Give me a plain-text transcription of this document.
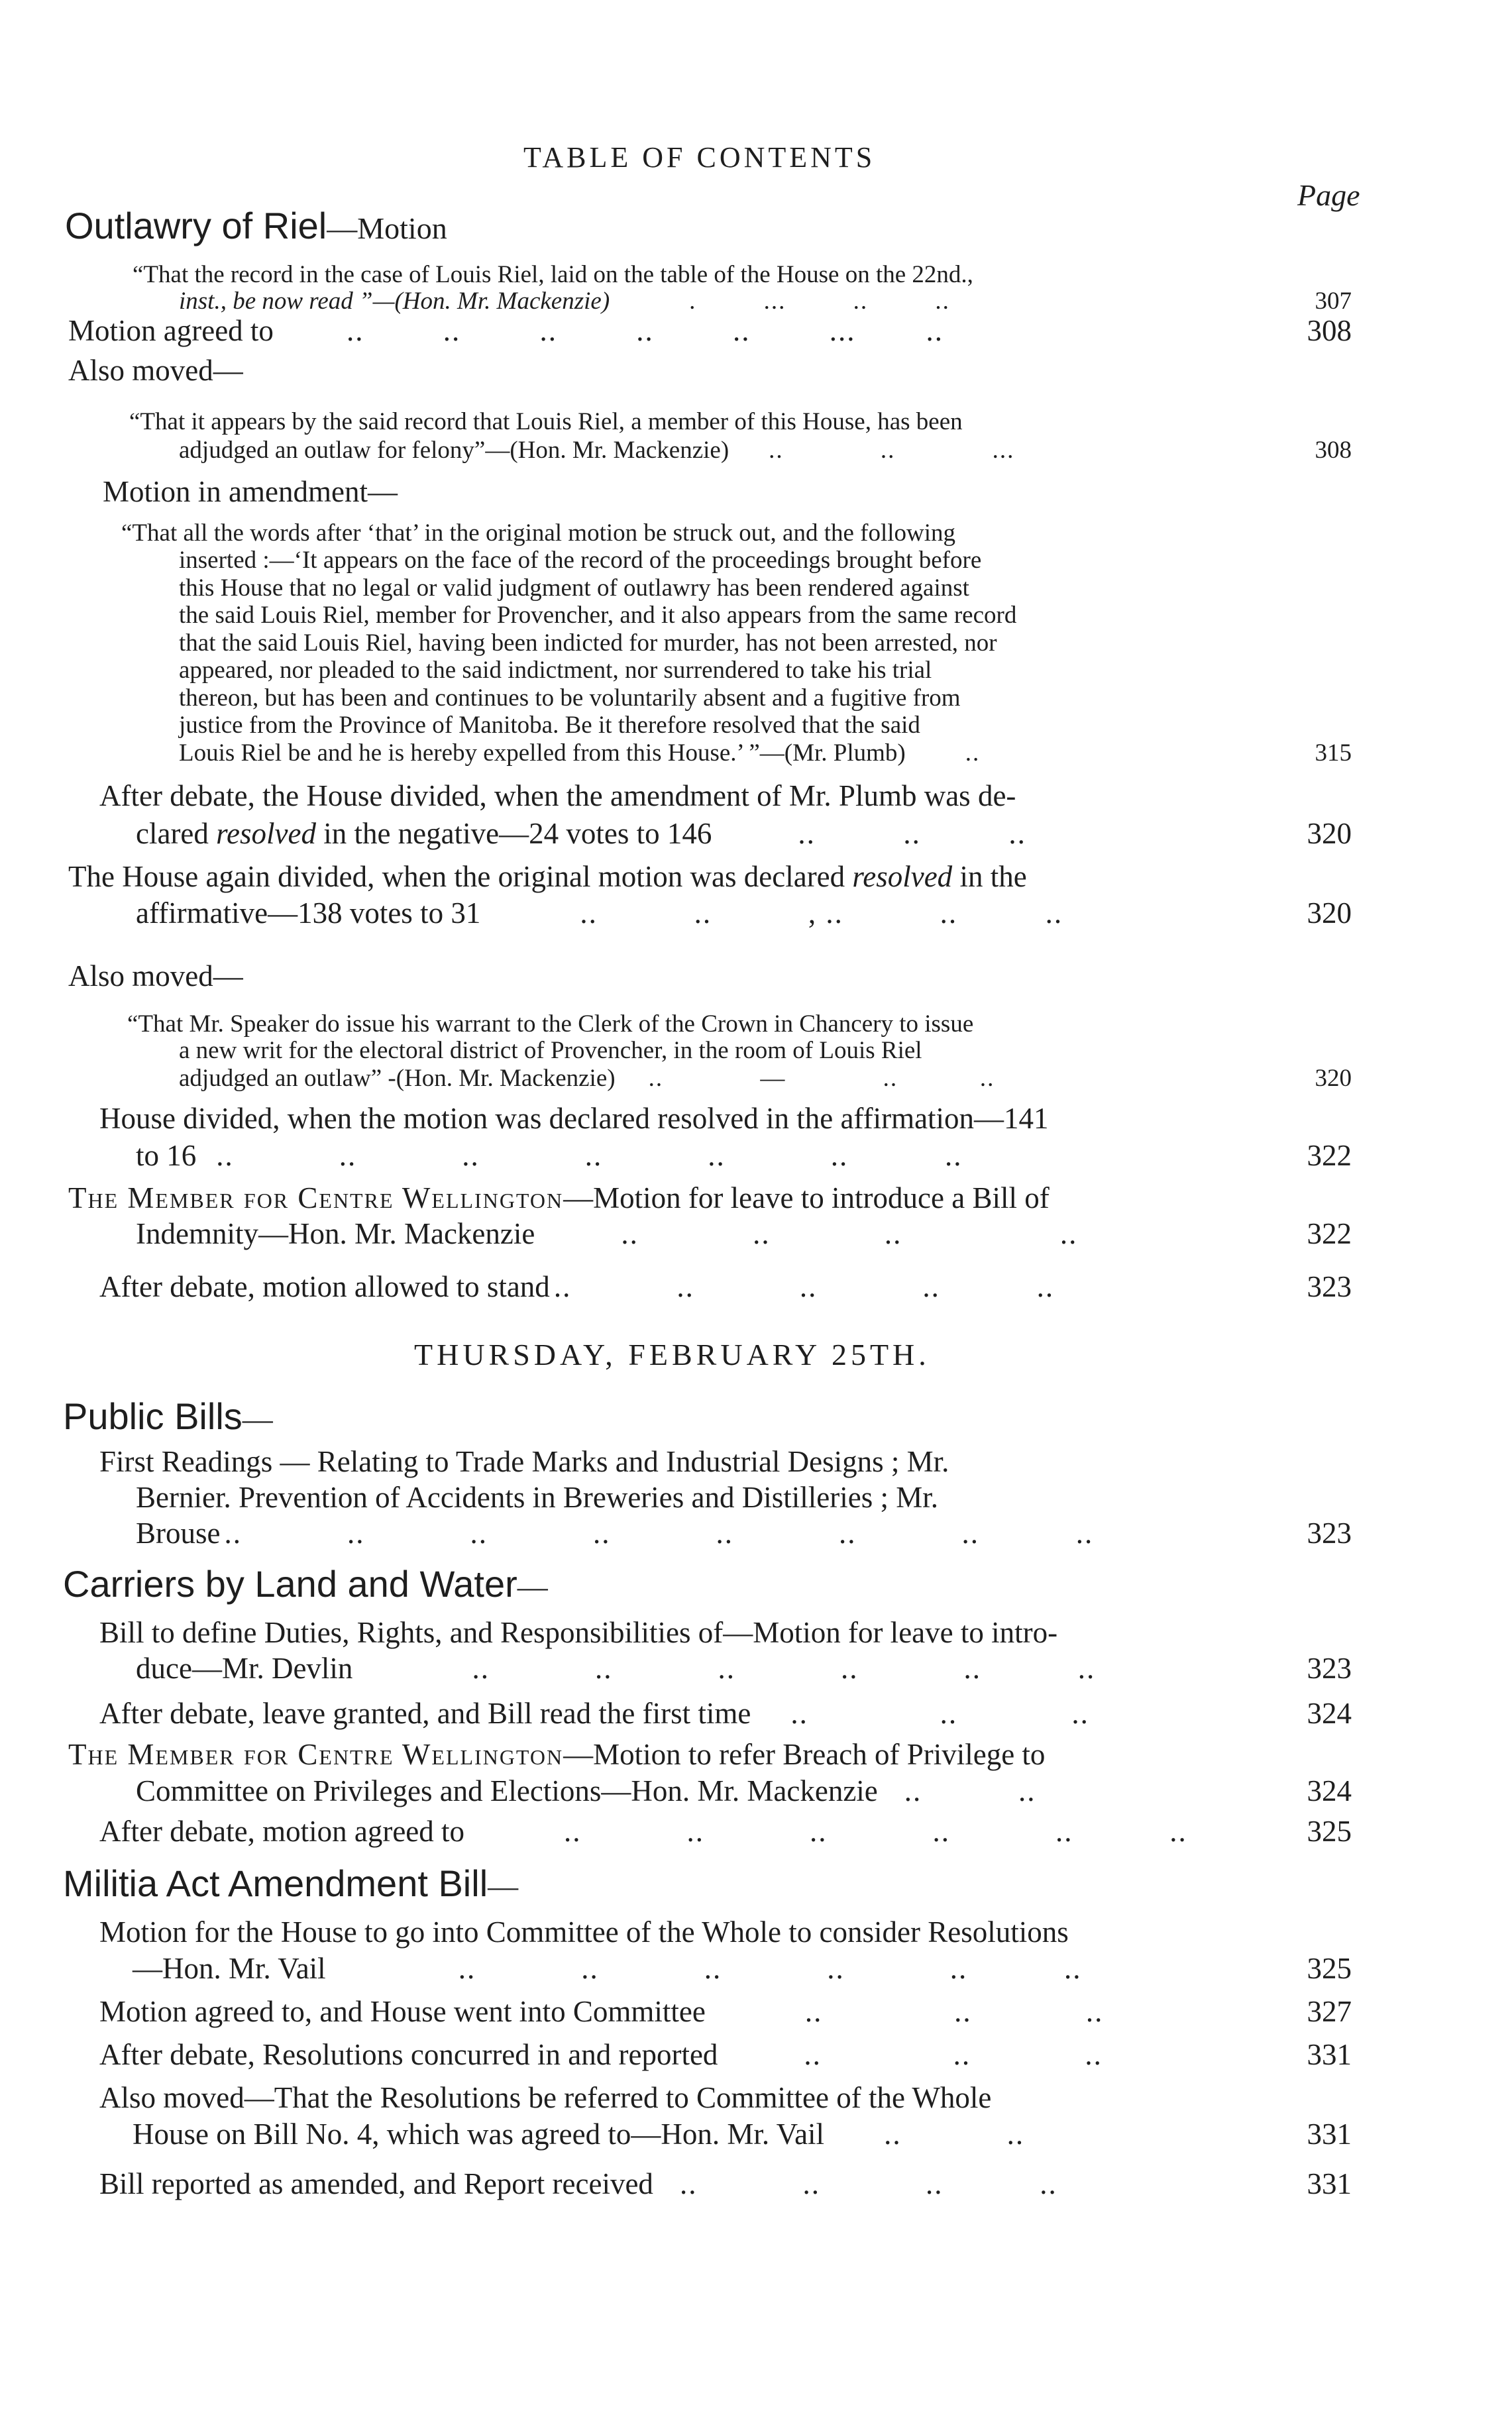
TABLE OF CONTENTS
Page
Outlawry of Riel—Motion
“That the record in the case of Louis Riel, laid on the table of the House on the 22nd.,
inst., be now read ”—(Hon. Mr. Mackenzie)	.         ...         ..         ..	307
Motion agreed to ..         ..         ..         ..         ..         ...        ..	308
Also moved—
“That it appears by the said record that Louis Riel, a member of this House, has been
adjudged an outlaw for felony”—(Hon. Mr. Mackenzie) ..             ..             ...	308
Motion in amendment—
“That all the words after ‘that’ in the original motion be struck out, and the following
inserted :—‘It appears on the face of the record of the proceedings brought before
this House that no legal or valid judgment of outlawry has been rendered against
the said Louis Riel, member for Provencher, and it also appears from the same record
that the said Louis Riel, having been indicted for murder, has not been arrested, nor
appeared, nor pleaded to the said indictment, nor surrendered to take his trial
thereon, but has been and continues to be voluntarily absent and a fugitive from
justice from the Province of Manitoba. Be it therefore resolved that the said
Louis Riel be and he is hereby expelled from this House.’ ”—(Mr. Plumb) ..	315
After debate, the House divided, when the amendment of Mr. Plumb was de-
clared resolved in the negative—24 votes to 146	..          ..          ..	320
The House again divided, when the original motion was declared resolved in the
affirmative—138 votes to 31	..           ..           , ..           ..          ..	320
Also moved—
“That Mr. Speaker do issue his warrant to the Clerk of the Crown in Chancery to issue
a new writ for the electoral district of Provencher, in the room of Louis Riel
adjudged an outlaw” -(Hon. Mr. Mackenzie) ..             —             ..           ..	320
House divided, when the motion was declared resolved in the affirmation—141
to 16 ..            ..            ..            ..            ..            ..           ..	322
The Member for Centre Wellington—Motion for leave to introduce a Bill of
Indemnity—Hon. Mr. Mackenzie	..             ..             ..                  ..	322
After debate, motion allowed to stand ..            ..            ..            ..           ..	323
THURSDAY, FEBRUARY 25TH.
Public Bills—
First Readings — Relating to Trade Marks and Industrial Designs ; Mr.
Bernier. Prevention of Accidents in Breweries and Distilleries ; Mr.
Brouse ..            ..            ..            ..            ..            ..            ..           ..	323
Carriers by Land and Water—
Bill to define Duties, Rights, and Responsibilities of—Motion for leave to intro-
duce—Mr. Devlin	..            ..            ..            ..            ..           ..	323
After debate, leave granted, and Bill read the first time ..               ..             ..	324
The Member for Centre Wellington—Motion to refer Breach of Privilege to
Committee on Privileges and Elections—Hon. Mr. Mackenzie ..           ..	324
After debate, motion agreed to	..            ..            ..            ..            ..           ..	325
Militia Act Amendment Bill—
Motion for the House to go into Committee of the Whole to consider Resolutions
—Hon. Mr. Vail	..            ..            ..            ..            ..           ..	325
Motion agreed to, and House went into Committee	..               ..             ..	327
After debate, Resolutions concurred in and reported	..               ..             ..	331
Also moved—That the Resolutions be referred to Committee of the Whole
House on Bill No. 4, which was agreed to—Hon. Mr. Vail ..            ..	331
Bill reported as amended, and Report received ..            ..            ..           ..	331
